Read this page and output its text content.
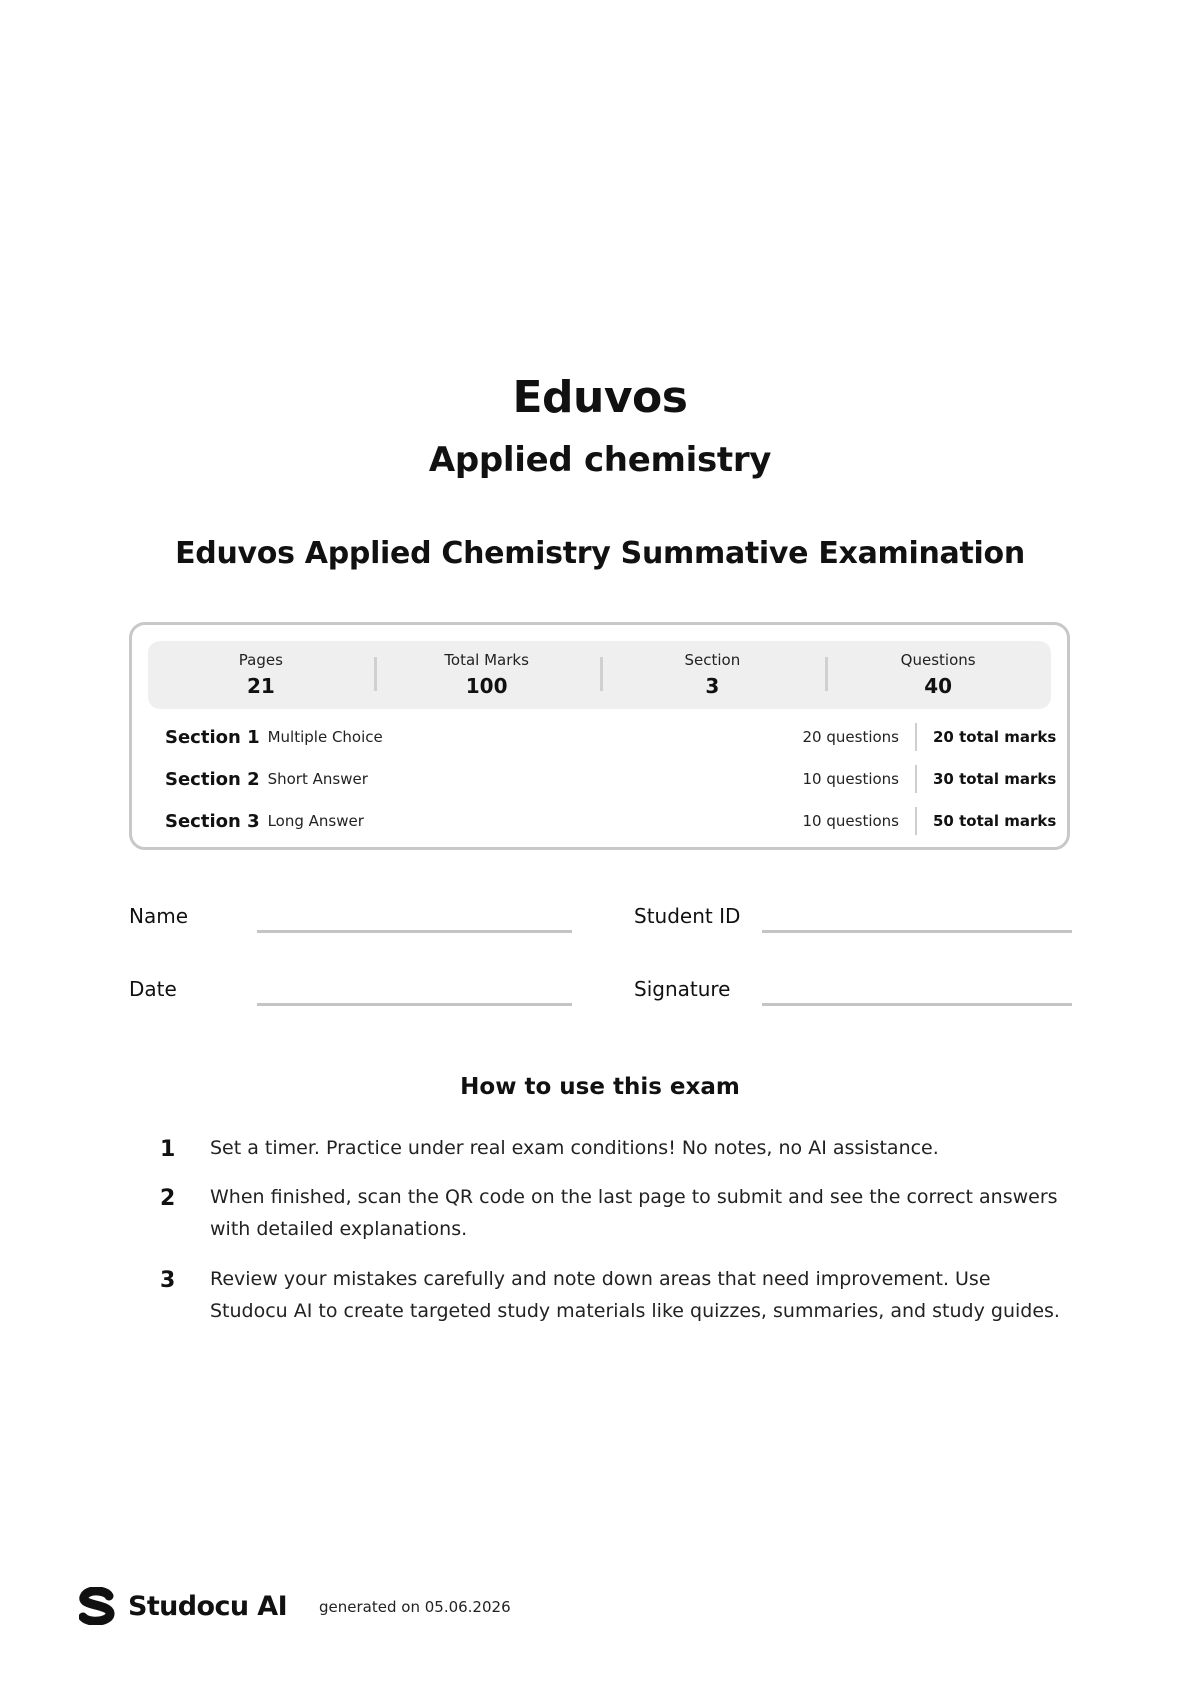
Eduvos
Applied chemistry
Eduvos Applied Chemistry Summative Examination
Pages
21
Total Marks
100
Section
3
Questions
40
Section 1 Multiple Choice	20 questions 20 total marks
Section 2 Short Answer	10 questions 30 total marks
Section 3 Long Answer	10 questions 50 total marks
Name	Student ID
Date	Signature
How to use this exam
1	Set a timer. Practice under real exam conditions! No notes, no AI assistance.
2	When finished, scan the QR code on the last page to submit and see the correct answers with detailed explanations.
3	Review your mistakes carefully and note down areas that need improvement. Use Studocu AI to create targeted study materials like quizzes, summaries, and study guides.
Studocu AI generated on 05.06.2026
